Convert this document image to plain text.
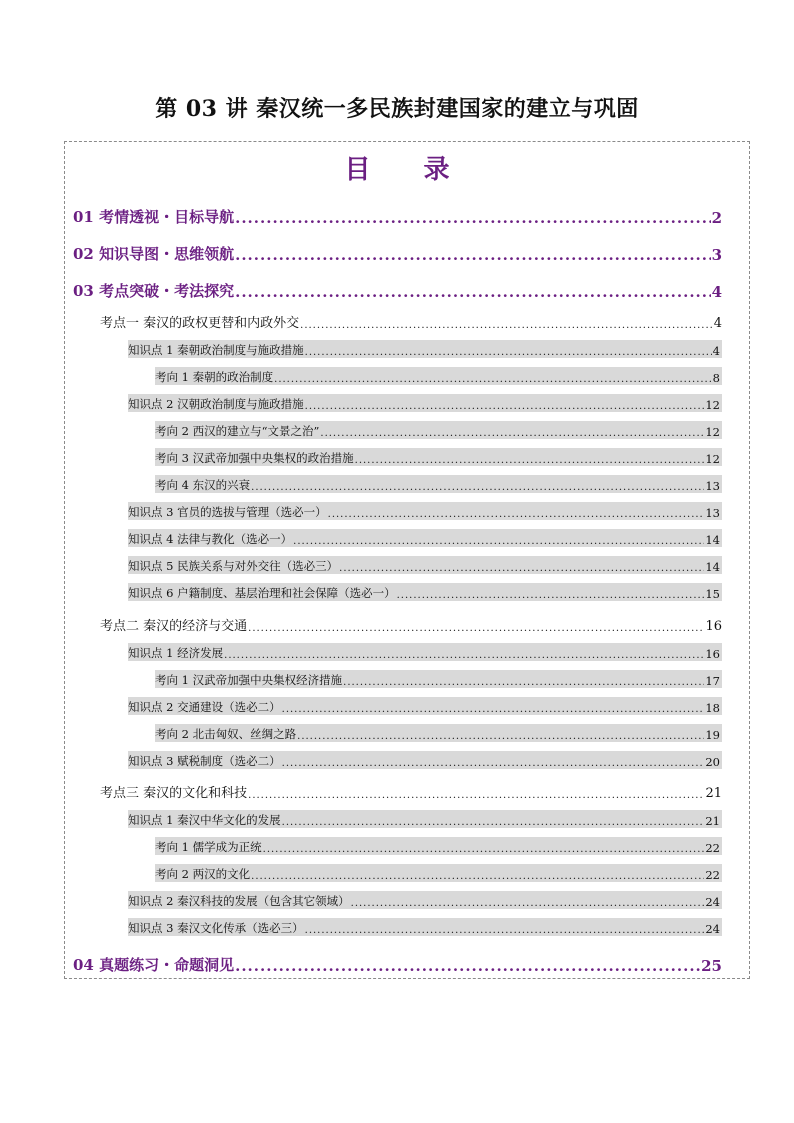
第 03 讲 秦汉统一多民族封建国家的建立与巩固
目 录
01 考情透视・目标导航 .....	2
02 知识导图・思维领航 .....	3
03 考点突破・考法探究 .....	4
考点一 秦汉的政权更替和内政外交 .....	4
知识点 1 秦朝政治制度与施政措施 .....	4
考向 1 秦朝的政治制度 .....	8
知识点 2 汉朝政治制度与施政措施 .....	12
考向 2 西汉的建立与“文景之治” .....	12
考向 3 汉武帝加强中央集权的政治措施 .....	12
考向 4 东汉的兴衰 .....	13
知识点 3 官员的选拔与管理（选必一） .....	13
知识点 4 法律与教化（选必一） .....	14
知识点 5 民族关系与对外交往（选必三） .....	14
知识点 6 户籍制度、基层治理和社会保障（选必一） .....	15
考点二 秦汉的经济与交通 .....	16
知识点 1 经济发展 .....	16
考向 1 汉武帝加强中央集权经济措施 .....	17
知识点 2 交通建设（选必二） .....	18
考向 2 北击匈奴、丝绸之路 .....	19
知识点 3 赋税制度（选必二） .....	20
考点三 秦汉的文化和科技 .....	21
知识点 1 秦汉中华文化的发展 .....	21
考向 1 儒学成为正统 .....	22
考向 2 两汉的文化 .....	22
知识点 2 秦汉科技的发展（包含其它领域） .....	24
知识点 3 秦汉文化传承（选必三） .....	24
04 真题练习・命题洞见 .....	25
